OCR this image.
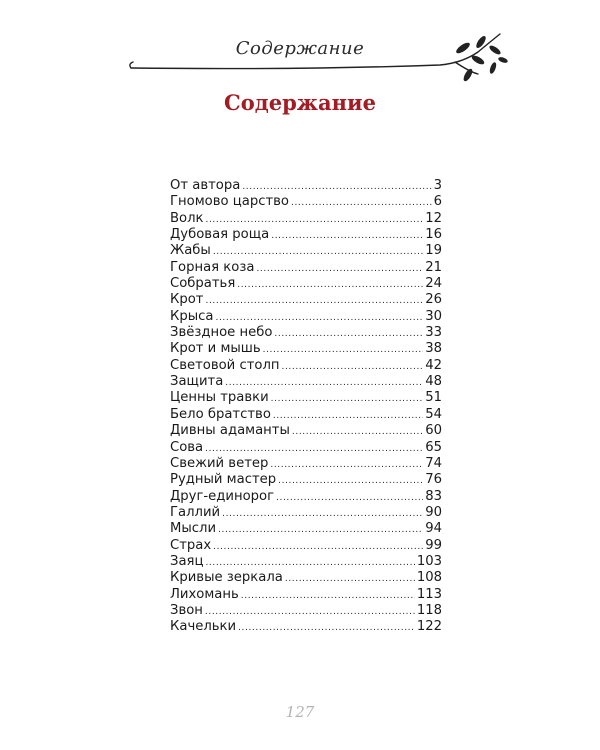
Содержание
Содержание
От автора .....	3
Гномово царство .....	6
Волк .....	12
Дубовая роща .....	16
Жабы .....	19
Горная коза .....	21
Собратья .....	24
Крот .....	26
Крыса .....	30
Звёздное небо .....	33
Крот и мышь .....	38
Световой столп .....	42
Защита .....	48
Ценны травки .....	51
Бело братство .....	54
Дивны адаманты .....	60
Сова .....	65
Свежий ветер .....	74
Рудный мастер .....	76
Друг-единорог .....	83
Галлий .....	90
Мысли .....	94
Страх .....	99
Заяц .....	103
Кривые зеркала .....	108
Лихомань .....	113
Звон .....	118
Качельки .....	122
127
